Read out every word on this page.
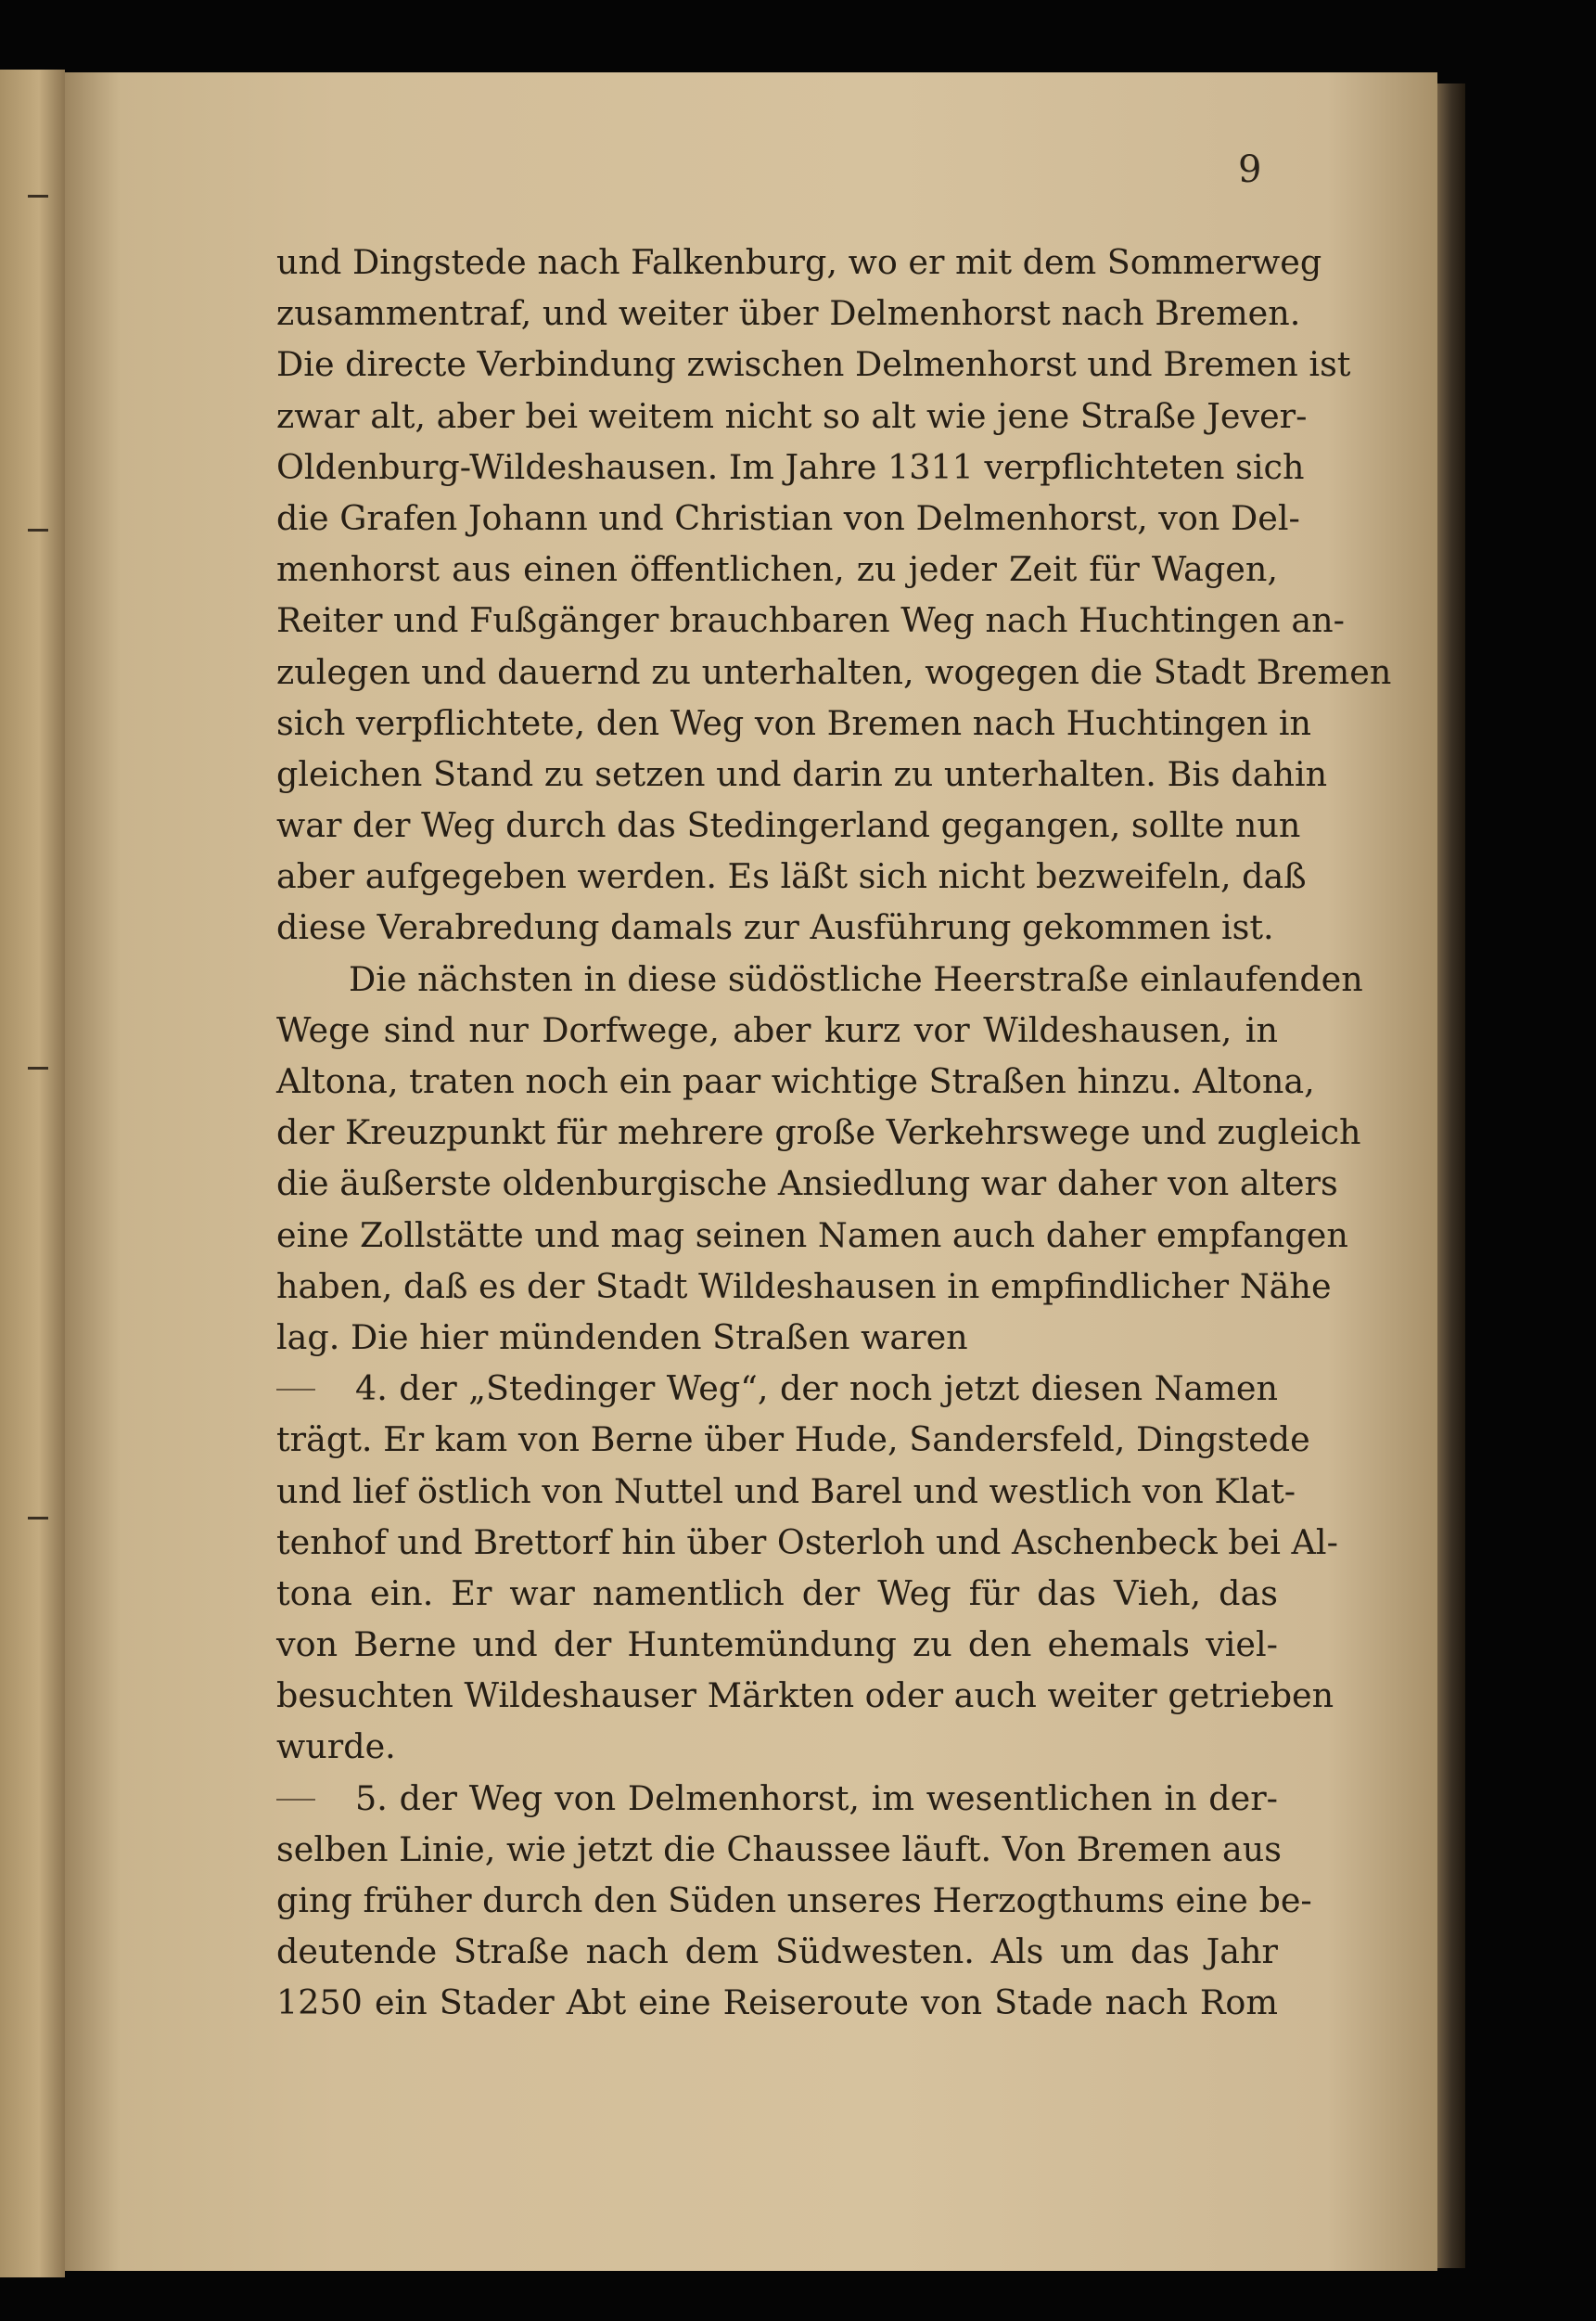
9
und Dingstede nach Falkenburg, wo er mit dem Sommerweg
zusammentraf, und weiter über Delmenhorst nach Bremen.
Die directe Verbindung zwischen Delmenhorst und Bremen ist
zwar alt, aber bei weitem nicht so alt wie jene Straße Jever-
Oldenburg-Wildeshausen. Im Jahre 1311 verpflichteten sich
die Grafen Johann und Christian von Delmenhorst, von Del-
menhorst aus einen öffentlichen, zu jeder Zeit für Wagen,
Reiter und Fußgänger brauchbaren Weg nach Huchtingen an-
zulegen und dauernd zu unterhalten, wogegen die Stadt Bremen
sich verpflichtete, den Weg von Bremen nach Huchtingen in
gleichen Stand zu setzen und darin zu unterhalten. Bis dahin
war der Weg durch das Stedingerland gegangen, sollte nun
aber aufgegeben werden. Es läßt sich nicht bezweifeln, daß
diese Verabredung damals zur Ausführung gekommen ist.
Die nächsten in diese südöstliche Heerstraße einlaufenden
Wege sind nur Dorfwege, aber kurz vor Wildeshausen, in
Altona, traten noch ein paar wichtige Straßen hinzu. Altona,
der Kreuzpunkt für mehrere große Verkehrswege und zugleich
die äußerste oldenburgische Ansiedlung war daher von alters
eine Zollstätte und mag seinen Namen auch daher empfangen
haben, daß es der Stadt Wildeshausen in empfindlicher Nähe
lag. Die hier mündenden Straßen waren
4. der „Stedinger Weg“, der noch jetzt diesen Namen
trägt. Er kam von Berne über Hude, Sandersfeld, Dingstede
und lief östlich von Nuttel und Barel und westlich von Klat-
tenhof und Brettorf hin über Osterloh und Aschenbeck bei Al-
tona ein. Er war namentlich der Weg für das Vieh, das
von Berne und der Huntemündung zu den ehemals viel-
besuchten Wildeshauser Märkten oder auch weiter getrieben
wurde.
5. der Weg von Delmenhorst, im wesentlichen in der-
selben Linie, wie jetzt die Chaussee läuft. Von Bremen aus
ging früher durch den Süden unseres Herzogthums eine be-
deutende Straße nach dem Südwesten. Als um das Jahr
1250 ein Stader Abt eine Reiseroute von Stade nach Rom
